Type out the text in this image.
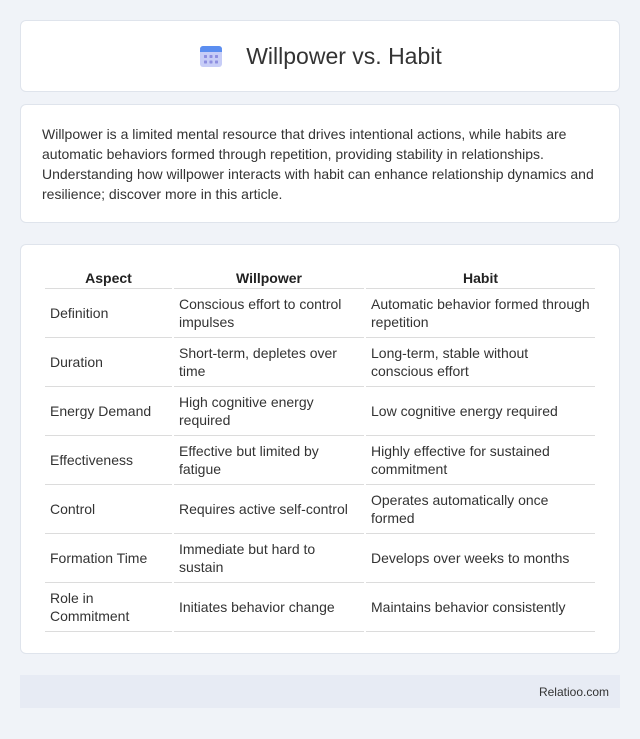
Willpower vs. Habit

Willpower is a limited mental resource that drives intentional actions, while habits are automatic behaviors formed through repetition, providing stability in relationships. Understanding how willpower interacts with habit can enhance relationship dynamics and resilience; discover more in this article.

Aspect	Willpower	Habit
Definition	Conscious effort to control impulses	Automatic behavior formed through repetition
Duration	Short-term, depletes over time	Long-term, stable without conscious effort
Energy Demand	High cognitive energy required	Low cognitive energy required
Effectiveness	Effective but limited by fatigue	Highly effective for sustained commitment
Control	Requires active self-control	Operates automatically once formed
Formation Time	Immediate but hard to sustain	Develops over weeks to months
Role in Commitment	Initiates behavior change	Maintains behavior consistently
Relatioo.com
